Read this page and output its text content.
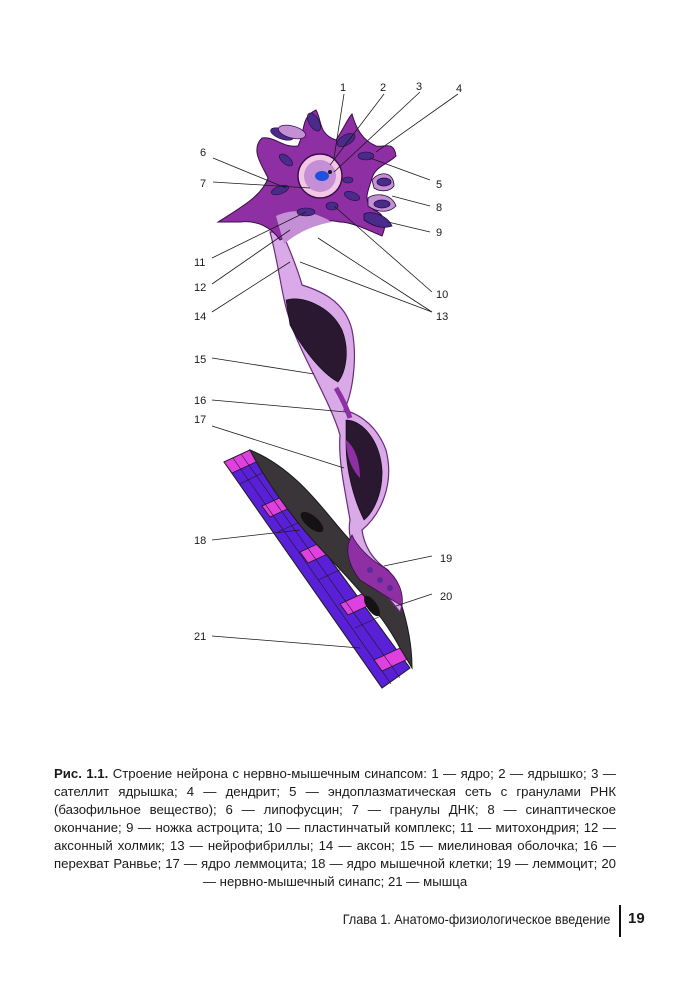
1	2	3	4
5
6
7
8
9
10
11
12
13
14
15
16
17
18
19
20
21
Рис. 1.1. Строение нейрона с нервно-мышечным синапсом: 1 — ядро; 2 — ядрышко; 3 — сателлит ядрышка; 4 — дендрит; 5 — эндоплазматическая сеть с гранулами РНК (базофильное вещество); 6 — липофусцин; 7 — гранулы ДНК; 8 — синаптическое окончание; 9 — ножка астроцита; 10 — пластинчатый комплекс; 11 — митохондрия; 12 — аксонный холмик; 13 — нейрофибриллы; 14 — аксон; 15 — миелиновая оболочка; 16 — перехват Ранвье; 17 — ядро леммоцита; 18 — ядро мышечной клетки; 19 — леммоцит; 20 — нервно-мышечный синапс; 21 — мышца
Глава 1. Анатомо-физиологическое введение 19
